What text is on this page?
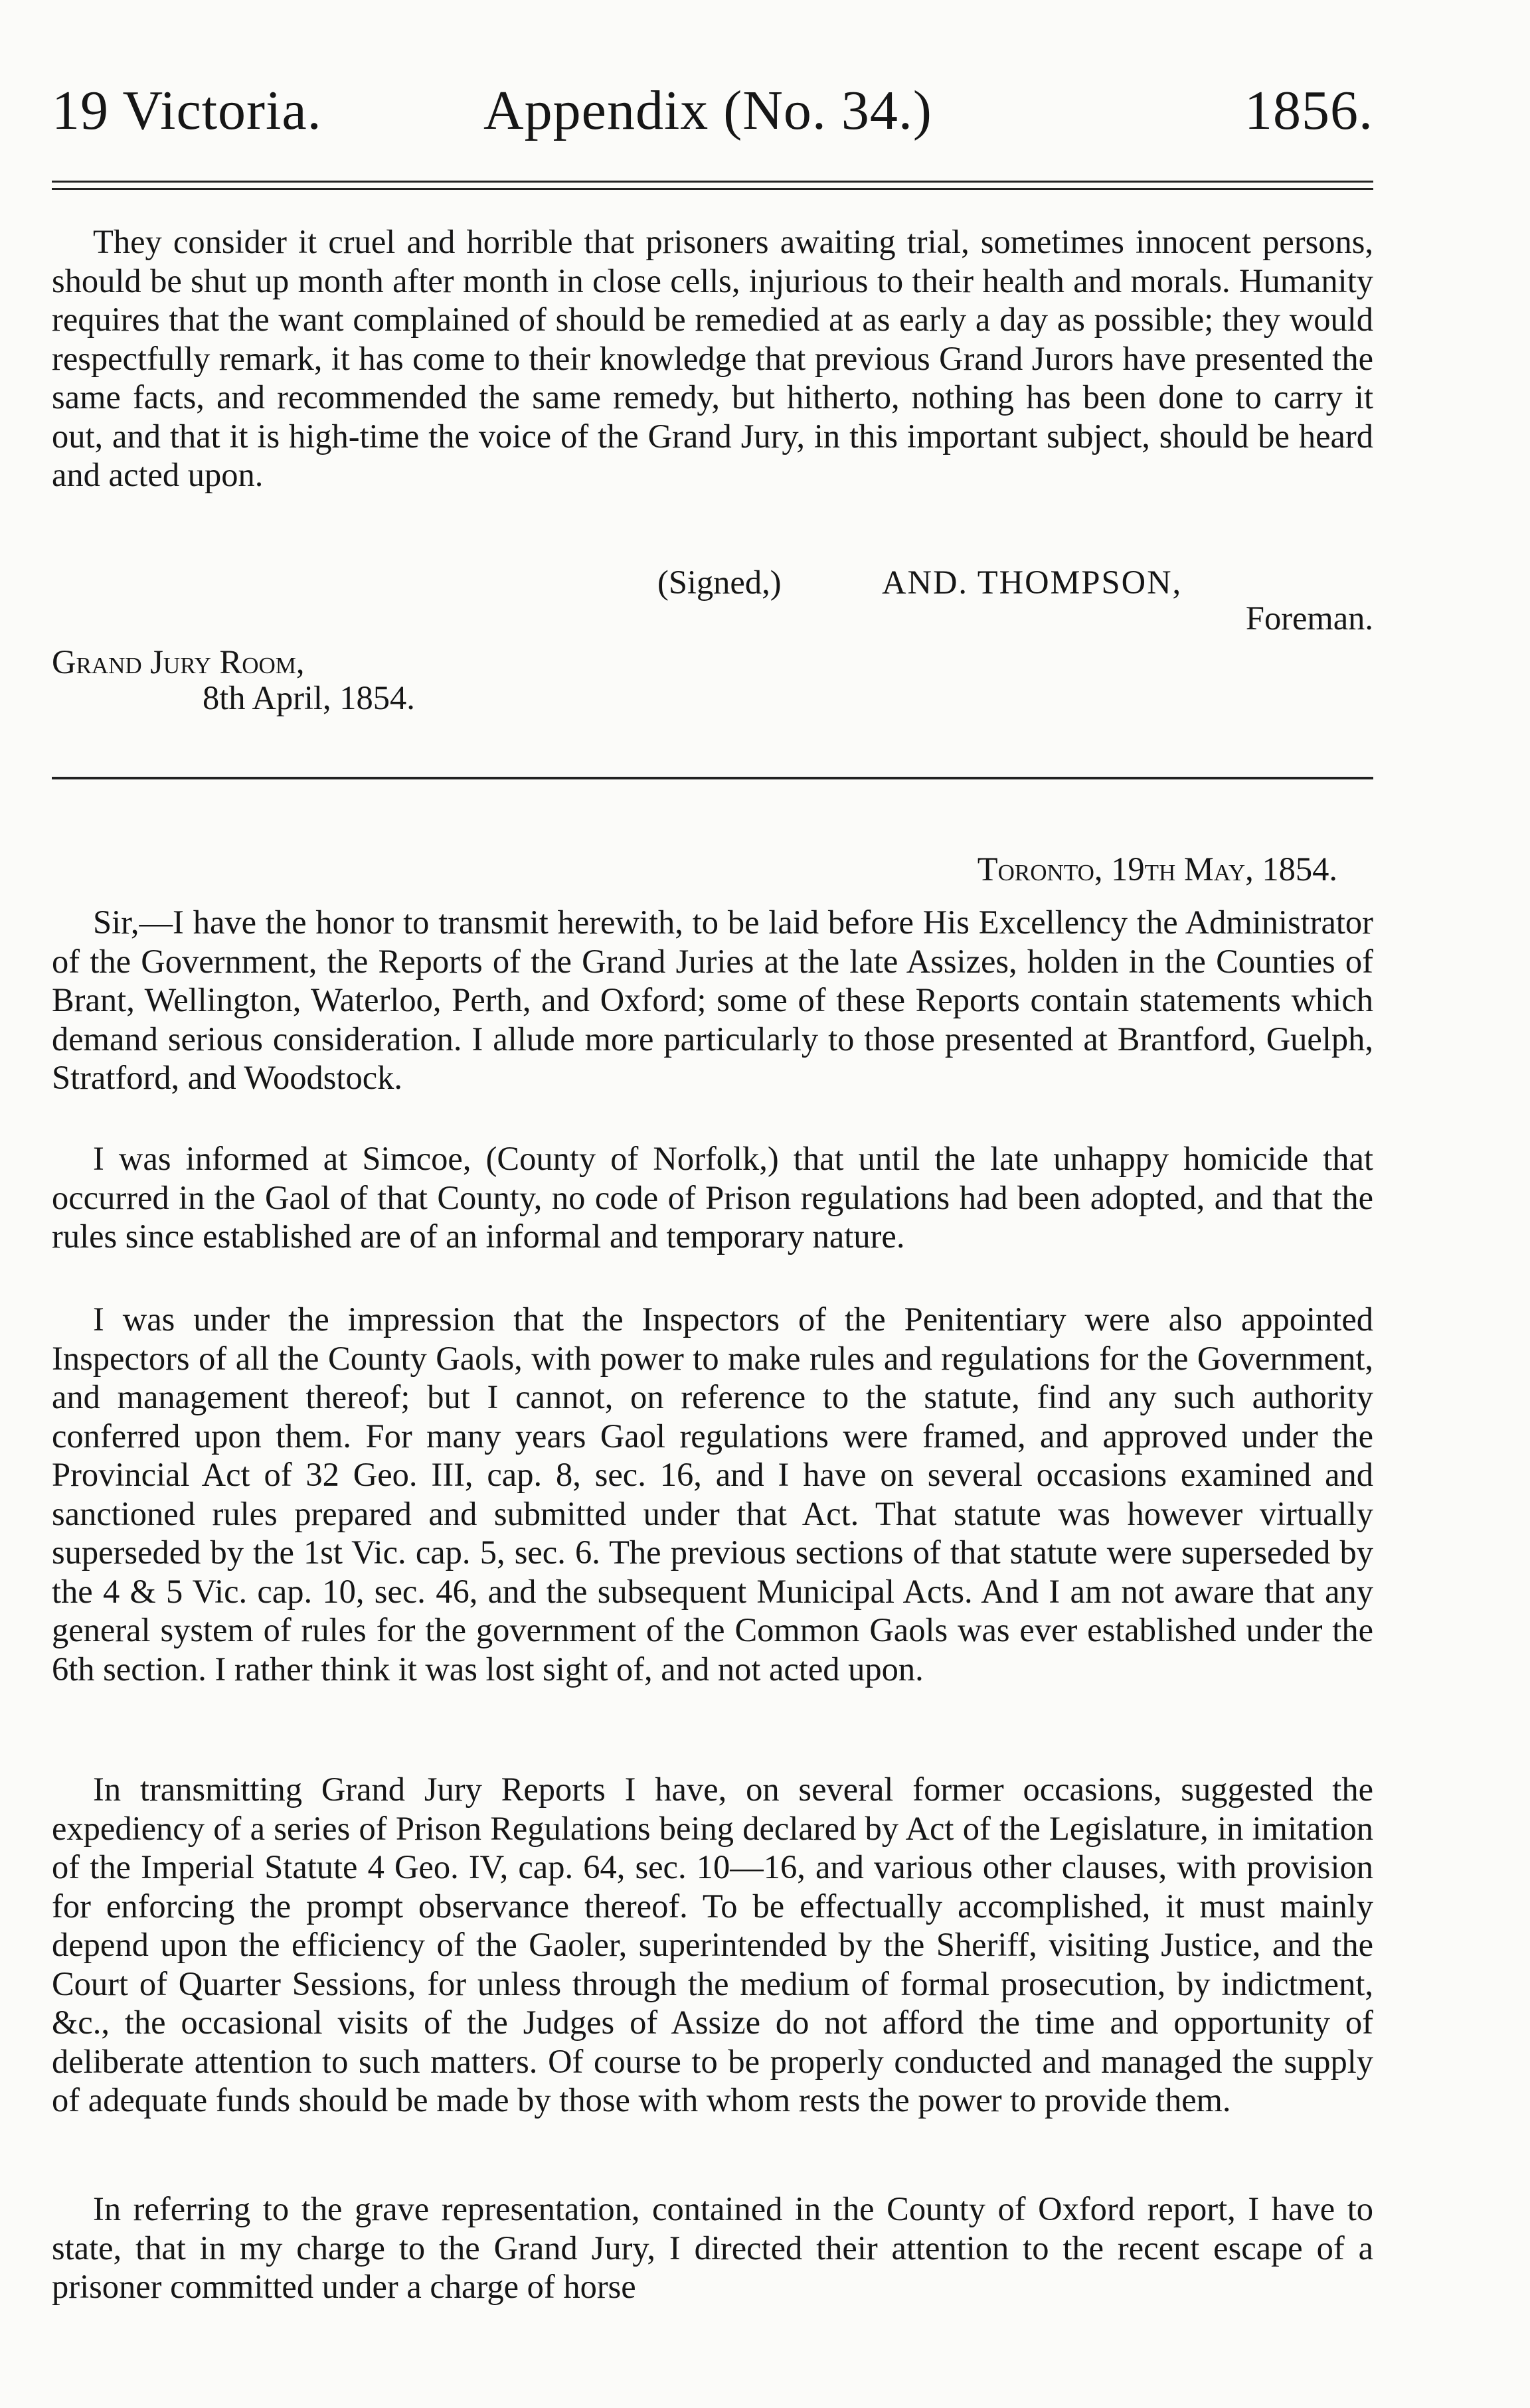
19 Victoria.	Appendix (No. 34.)	1856.

They consider it cruel and horrible that prisoners awaiting trial, sometimes innocent persons, should be shut up month after month in close cells, injurious to their health and morals. Humanity requires that the want complained of should be remedied at as early a day as possible; they would respectfully remark, it has come to their knowledge that previous Grand Jurors have presented the same facts, and recommended the same remedy, but hitherto, nothing has been done to carry it out, and that it is high-time the voice of the Grand Jury, in this important subject, should be heard and acted upon.

(Signed,)	AND. THOMPSON,
Foreman.
Grand Jury Room,
8th April, 1854.
Toronto, 19th May, 1854.

Sir,—I have the honor to transmit herewith, to be laid before His Excellency the Administrator of the Government, the Reports of the Grand Juries at the late Assizes, holden in the Counties of Brant, Wellington, Waterloo, Perth, and Oxford; some of these Reports contain statements which demand serious consideration. I allude more particularly to those presented at Brantford, Guelph, Stratford, and Woodstock.

I was informed at Simcoe, (County of Norfolk,) that until the late unhappy homicide that occurred in the Gaol of that County, no code of Prison regulations had been adopted, and that the rules since established are of an informal and temporary nature.

I was under the impression that the Inspectors of the Penitentiary were also appointed Inspectors of all the County Gaols, with power to make rules and regulations for the Government, and management thereof; but I cannot, on reference to the statute, find any such authority conferred upon them. For many years Gaol regulations were framed, and approved under the Provincial Act of 32 Geo. III, cap. 8, sec. 16, and I have on several occasions examined and sanctioned rules prepared and submitted under that Act. That statute was however virtually superseded by the 1st Vic. cap. 5, sec. 6. The previous sections of that statute were superseded by the 4 & 5 Vic. cap. 10, sec. 46, and the subsequent Municipal Acts. And I am not aware that any general system of rules for the government of the Common Gaols was ever established under the 6th section. I rather think it was lost sight of, and not acted upon.

In transmitting Grand Jury Reports I have, on several former occasions, suggested the expediency of a series of Prison Regulations being declared by Act of the Legislature, in imitation of the Imperial Statute 4 Geo. IV, cap. 64, sec. 10—16, and various other clauses, with provision for enforcing the prompt observance thereof. To be effectually accomplished, it must mainly depend upon the efficiency of the Gaoler, superintended by the Sheriff, visiting Justice, and the Court of Quarter Sessions, for unless through the medium of formal prosecution, by indictment, &c., the occasional visits of the Judges of Assize do not afford the time and opportunity of deliberate attention to such matters. Of course to be properly conducted and managed the supply of adequate funds should be made by those with whom rests the power to provide them.

In referring to the grave representation, contained in the County of Oxford report, I have to state, that in my charge to the Grand Jury, I directed their attention to the recent escape of a prisoner committed under a charge of horse
